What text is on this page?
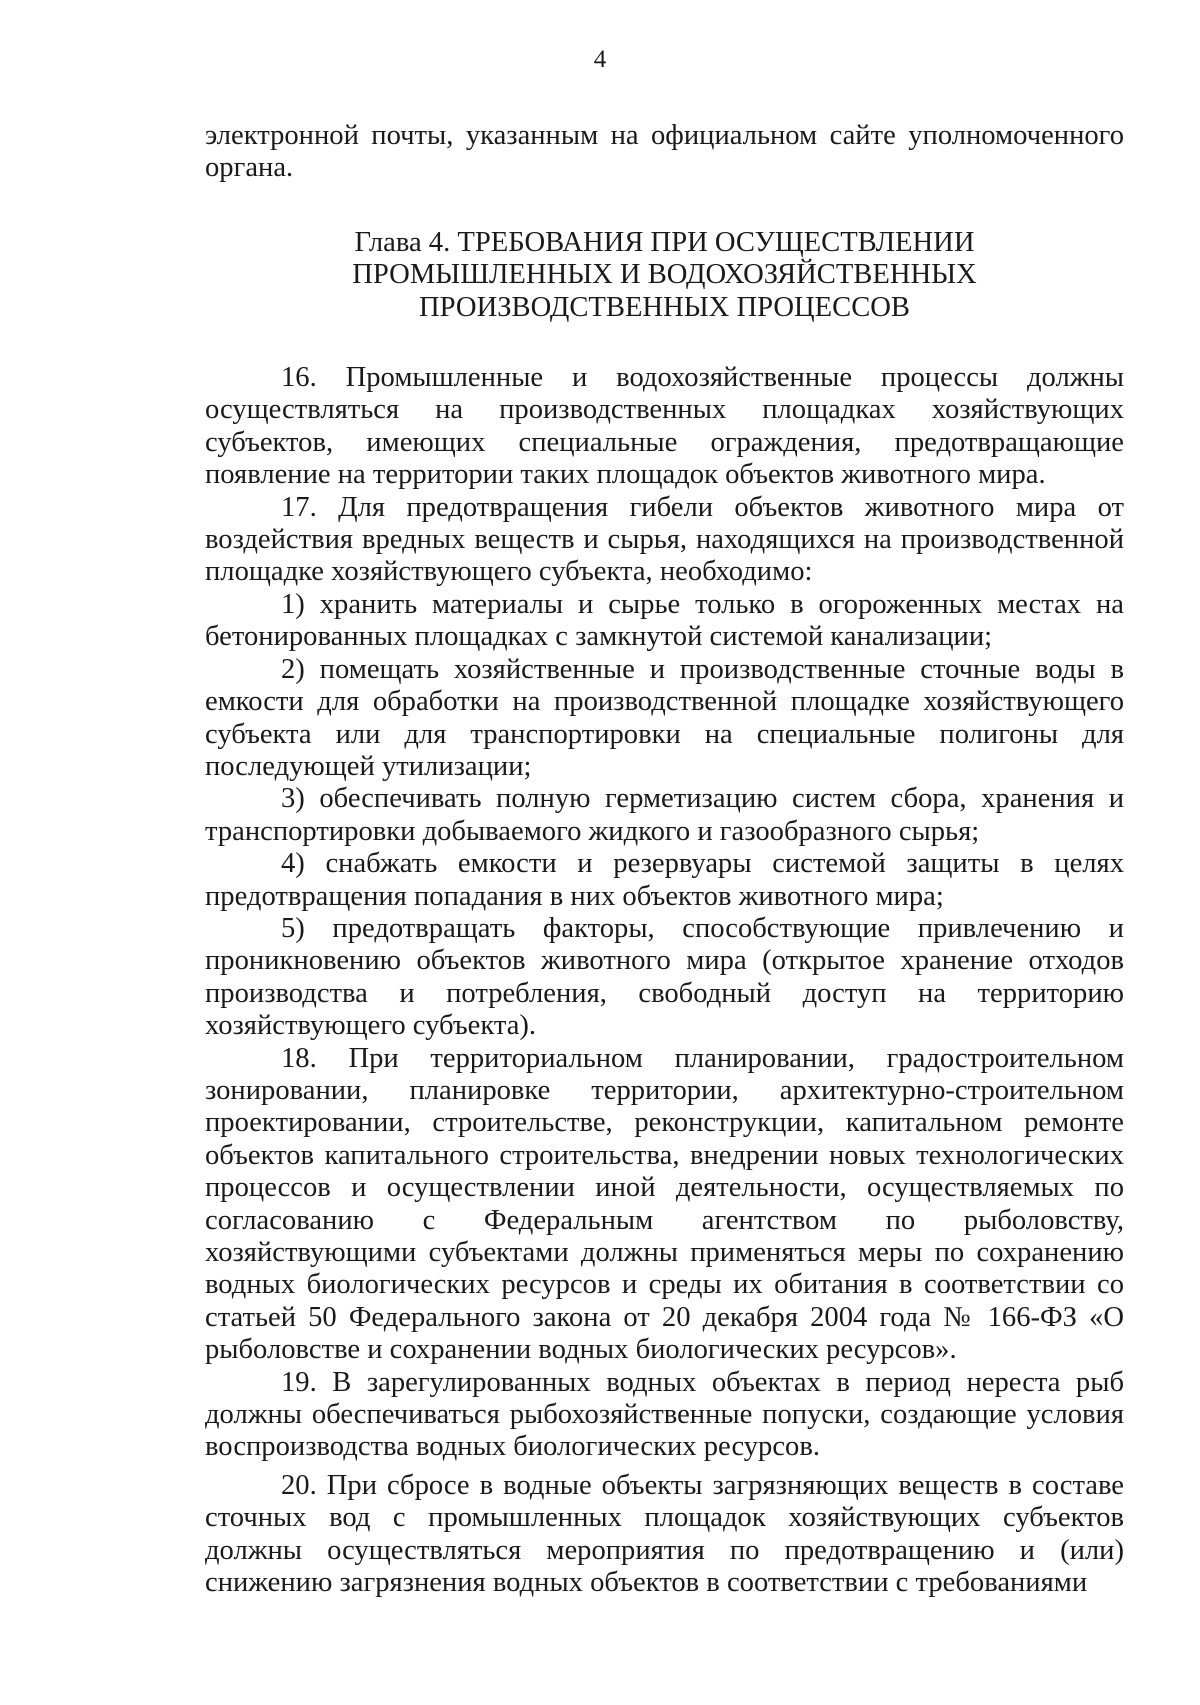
4

электронной почты, указанным на официальном сайте уполномоченного органа.

Глава 4. ТРЕБОВАНИЯ ПРИ ОСУЩЕСТВЛЕНИИ
ПРОМЫШЛЕННЫХ И ВОДОХОЗЯЙСТВЕННЫХ
ПРОИЗВОДСТВЕННЫХ ПРОЦЕССОВ

16. Промышленные и водохозяйственные процессы должны осуществляться на производственных площадках хозяйствующих субъектов, имеющих специальные ограждения, предотвращающие появление на территории таких площадок объектов животного мира.

17. Для предотвращения гибели объектов животного мира от воздействия вредных веществ и сырья, находящихся на производственной площадке хозяйствующего субъекта, необходимо:

1) хранить материалы и сырье только в огороженных местах на бетонированных площадках с замкнутой системой канализации;

2) помещать хозяйственные и производственные сточные воды в емкости для обработки на производственной площадке хозяйствующего субъекта или для транспортировки на специальные полигоны для последующей утилизации;

3) обеспечивать полную герметизацию систем сбора, хранения и транспортировки добываемого жидкого и газообразного сырья;

4) снабжать емкости и резервуары системой защиты в целях предотвращения попадания в них объектов животного мира;

5) предотвращать факторы, способствующие привлечению и проникновению объектов животного мира (открытое хранение отходов производства и потребления, свободный доступ на территорию хозяйствующего субъекта).

18. При территориальном планировании, градостроительном зонировании, планировке территории, архитектурно-строительном проектировании, строительстве, реконструкции, капитальном ремонте объектов капитального строительства, внедрении новых технологических процессов и осуществлении иной деятельности, осуществляемых по согласованию с Федеральным агентством по рыболовству, хозяйствующими субъектами должны применяться меры по сохранению водных биологических ресурсов и среды их обитания в соответствии со статьей 50 Федерального закона от 20 декабря 2004 года № 166-ФЗ «О рыболовстве и сохранении водных биологических ресурсов».

19. В зарегулированных водных объектах в период нереста рыб должны обеспечиваться рыбохозяйственные попуски, создающие условия воспроизводства водных биологических ресурсов.

20. При сбросе в водные объекты загрязняющих веществ в составе сточных вод с промышленных площадок хозяйствующих субъектов должны осуществляться мероприятия по предотвращению и (или) снижению загрязнения водных объектов в соответствии с требованиями
